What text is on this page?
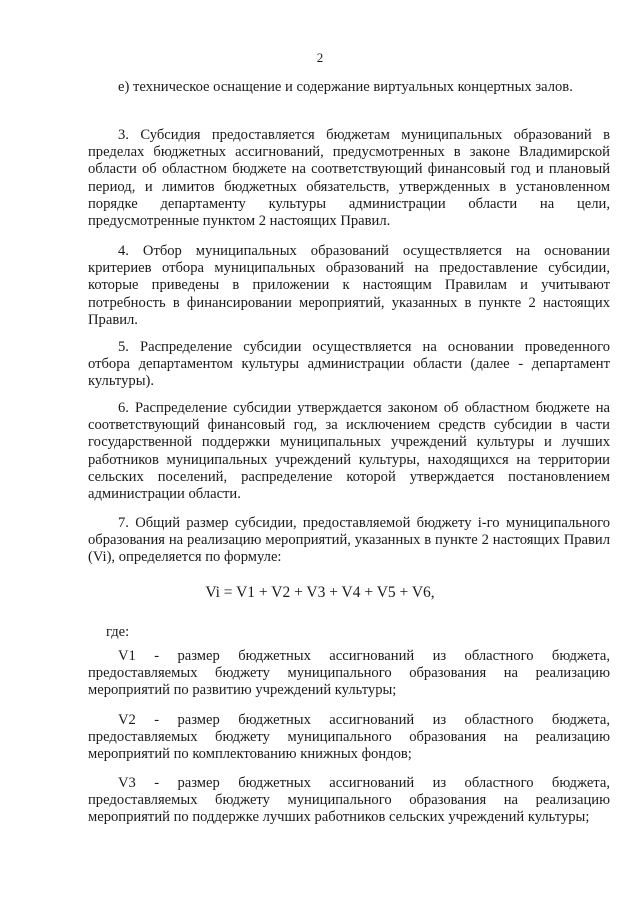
2

е) техническое оснащение и содержание виртуальных концертных залов.

3. Субсидия предоставляется бюджетам муниципальных образований в пределах бюджетных ассигнований, предусмотренных в законе Владимирской области об областном бюджете на соответствующий финансовый год и плановый период, и лимитов бюджетных обязательств, утвержденных в установленном порядке департаменту культуры администрации области на цели, предусмотренные пунктом 2 настоящих Правил.

4. Отбор муниципальных образований осуществляется на основании критериев отбора муниципальных образований на предоставление субсидии, которые приведены в приложении к настоящим Правилам и учитывают потребность в финансировании мероприятий, указанных в пункте 2 настоящих Правил.

5. Распределение субсидии осуществляется на основании проведенного отбора департаментом культуры администрации области (далее - департамент культуры).

6. Распределение субсидии утверждается законом об областном бюджете на соответствующий финансовый год, за исключением средств субсидии в части государственной поддержки муниципальных учреждений культуры и лучших работников муниципальных учреждений культуры, находящихся на территории сельских поселений, распределение которой утверждается постановлением администрации области.

7. Общий размер субсидии, предоставляемой бюджету i-го муниципального образования на реализацию мероприятий, указанных в пункте 2 настоящих Правил (Vi), определяется по формуле:

Vi = V1 + V2 + V3 + V4 + V5 + V6,
где:

V1 - размер бюджетных ассигнований из областного бюджета, предоставляемых бюджету муниципального образования на реализацию мероприятий по развитию учреждений культуры;

V2 - размер бюджетных ассигнований из областного бюджета, предоставляемых бюджету муниципального образования на реализацию мероприятий по комплектованию книжных фондов;

V3 - размер бюджетных ассигнований из областного бюджета, предоставляемых бюджету муниципального образования на реализацию мероприятий по поддержке лучших работников сельских учреждений культуры;
